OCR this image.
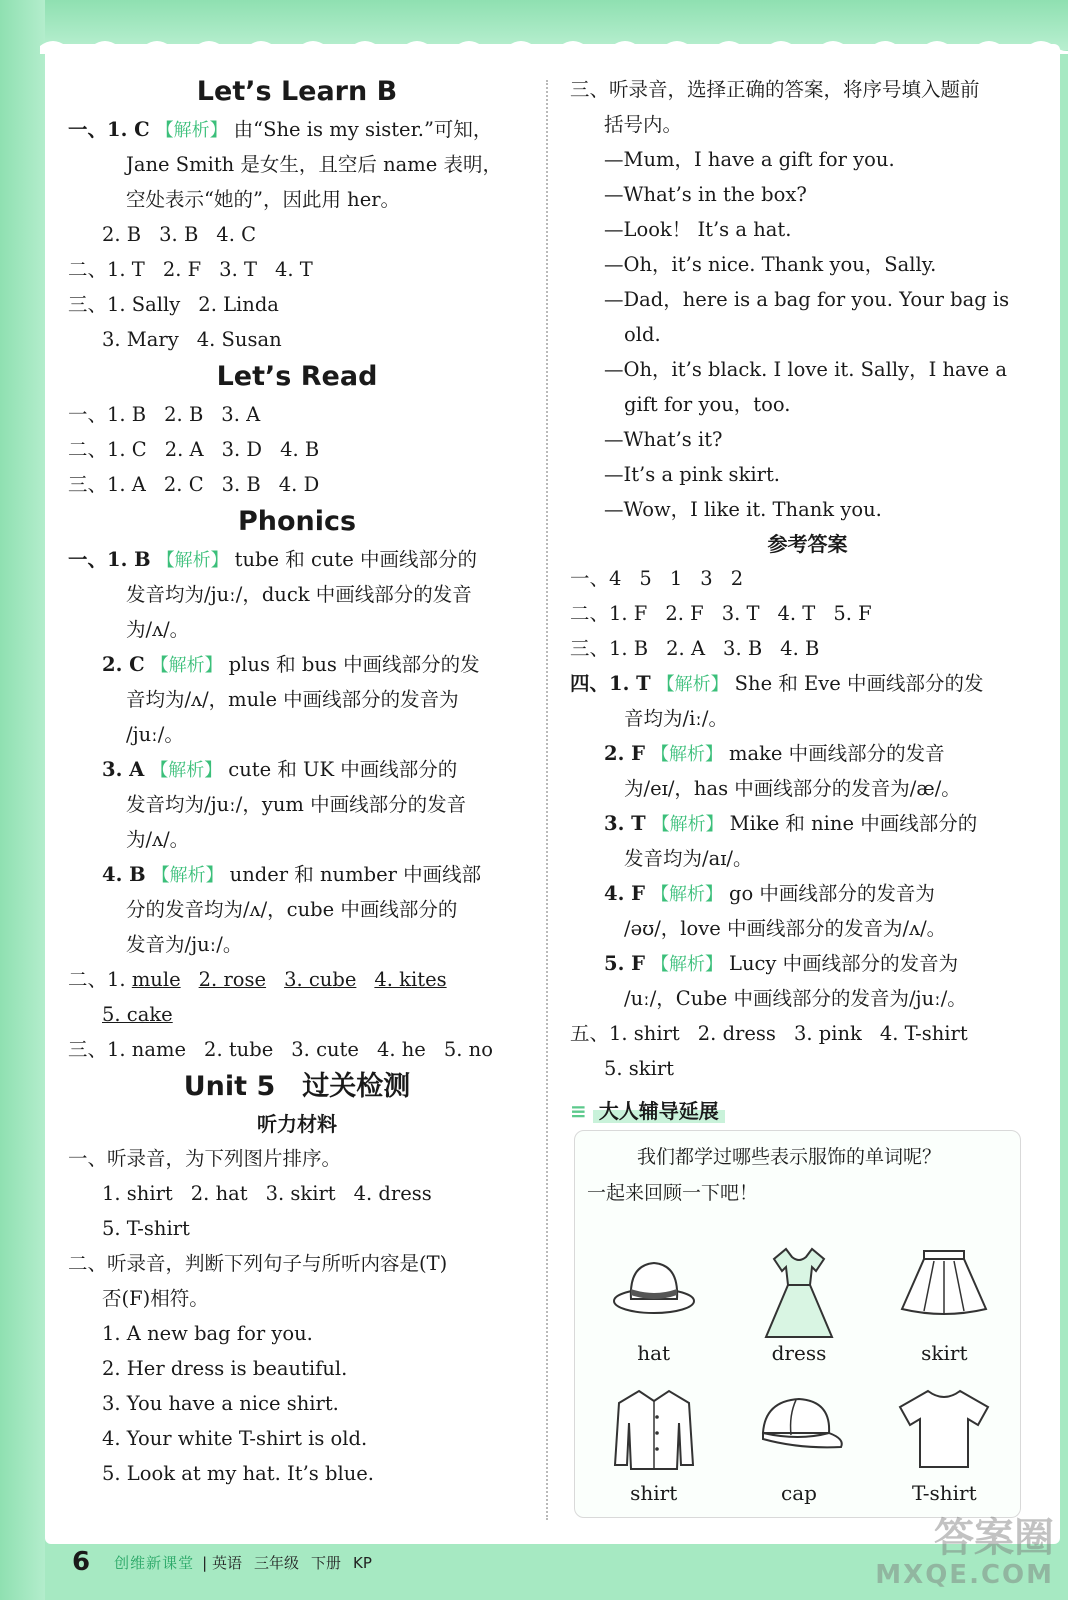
Let’s Learn B
一、1. C 【解析】 由“She is my sister.”可知，
Jane Smith 是女生，且空后 name 表明，
空处表示“她的”，因此用 her。
2. B 3. B 4. C
二、1. T 2. F 3. T 4. T
三、1. Sally 2. Linda
3. Mary 4. Susan
Let’s Read
一、1. B 2. B 3. A
二、1. C 2. A 3. D 4. B
三、1. A 2. C 3. B 4. D
Phonics
一、1. B 【解析】 tube 和 cute 中画线部分的
发音均为/juː/，duck 中画线部分的发音
为/ʌ/。
2. C 【解析】 plus 和 bus 中画线部分的发
音均为/ʌ/，mule 中画线部分的发音为
/juː/。
3. A 【解析】 cute 和 UK 中画线部分的
发音均为/juː/，yum 中画线部分的发音
为/ʌ/。
4. B 【解析】 under 和 number 中画线部
分的发音均为/ʌ/，cube 中画线部分的
发音为/juː/。
二、1. mule 2. rose 3. cube 4. kites
5. cake
三、1. name 2. tube 3. cute 4. he 5. no
Unit 5　过关检测
听力材料
一、听录音，为下列图片排序。
1. shirt 2. hat 3. skirt 4. dress
5. T-shirt
二、听录音，判断下列句子与所听内容是(T)
否(F)相符。
1. A new bag for you.
2. Her dress is beautiful.
3. You have a nice shirt.
4. Your white T-shirt is old.
5. Look at my hat. It’s blue.
三、听录音，选择正确的答案，将序号填入题前
括号内。
—Mum，I have a gift for you.
—What’s in the box?
—Look！ It’s a hat.
—Oh，it’s nice. Thank you，Sally.
—Dad，here is a bag for you. Your bag is
old.
—Oh，it’s black. I love it. Sally，I have a
gift for you，too.
—What’s it?
—It’s a pink skirt.
—Wow，I like it. Thank you.
参考答案
一、4 5 1 3 2
二、1. F 2. F 3. T 4. T 5. F
三、1. B 2. A 3. B 4. B
四、1. T 【解析】 She 和 Eve 中画线部分的发
音均为/iː/。
2. F 【解析】 make 中画线部分的发音
为/eɪ/，has 中画线部分的发音为/æ/。
3. T 【解析】 Mike 和 nine 中画线部分的
发音均为/aɪ/。
4. F 【解析】 go 中画线部分的发音为
/əʊ/，love 中画线部分的发音为/ʌ/。
5. F 【解析】 Lucy 中画线部分的发音为
/uː/，Cube 中画线部分的发音为/juː/。
五、1. shirt 2. dress 3. pink 4. T-shirt
5. skirt
≡ 大人辅导延展
我们都学过哪些表示服饰的单词呢？
一起来回顾一下吧！
hat	dress	skirt
shirt	cap	T-shirt
6 创维新课堂 | 英语 三年级 下册 KP
答案圈
MXQE.COM
